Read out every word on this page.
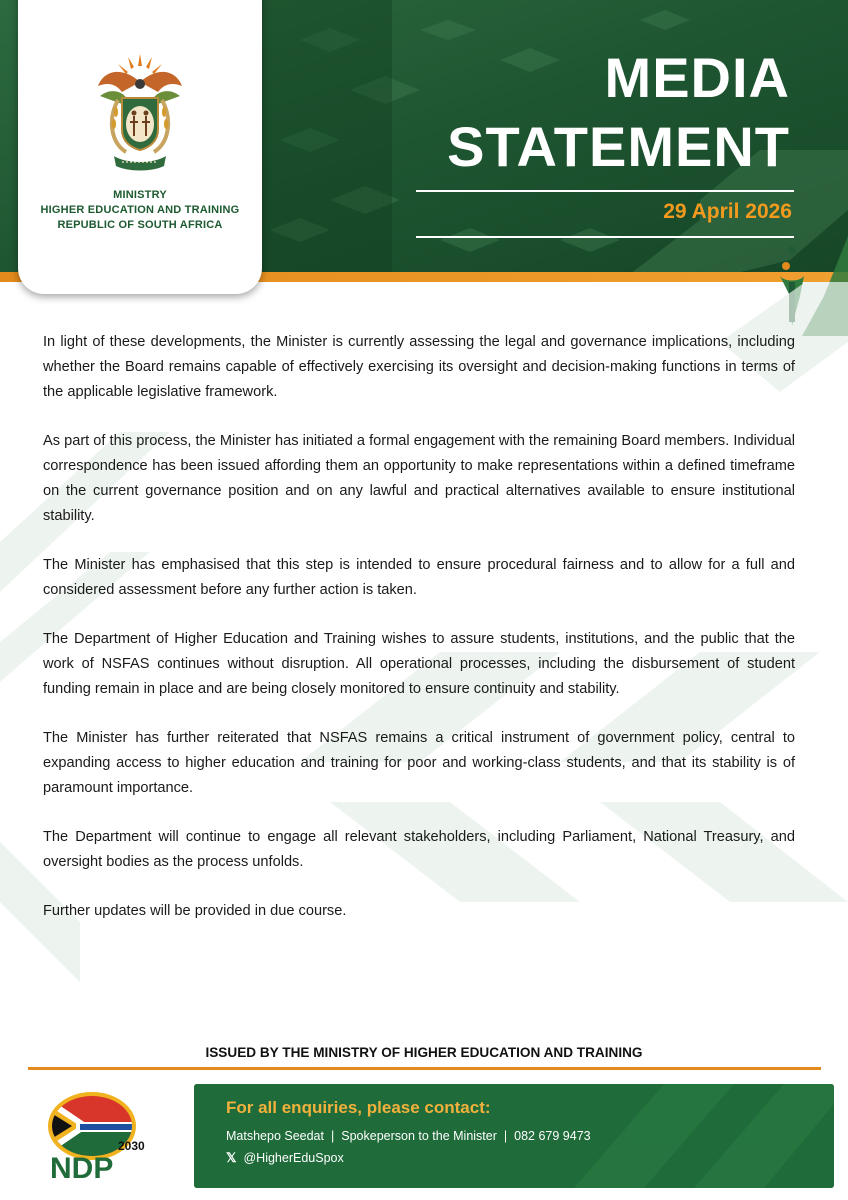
MEDIA
STATEMENT
29 April 2026
MINISTRY
HIGHER EDUCATION AND TRAINING
REPUBLIC OF SOUTH AFRICA

In light of these developments, the Minister is currently assessing the legal and governance implications, including whether the Board remains capable of effectively exercising its oversight and decision-making functions in terms of the applicable legislative framework.

As part of this process, the Minister has initiated a formal engagement with the remaining Board members. Individual correspondence has been issued affording them an opportunity to make representations within a defined timeframe on the current governance position and on any lawful and practical alternatives available to ensure institutional stability.

The Minister has emphasised that this step is intended to ensure procedural fairness and to allow for a full and considered assessment before any further action is taken.

The Department of Higher Education and Training wishes to assure students, institutions, and the public that the work of NSFAS continues without disruption. All operational processes, including the disbursement of student funding remain in place and are being closely monitored to ensure continuity and stability.

The Minister has further reiterated that NSFAS remains a critical instrument of government policy, central to expanding access to higher education and training for poor and working-class students, and that its stability is of paramount importance.

The Department will continue to engage all relevant stakeholders, including Parliament, National Treasury, and oversight bodies as the process unfolds.

Further updates will be provided in due course.

ISSUED BY THE MINISTRY OF HIGHER EDUCATION AND TRAINING
2030
NDP
For all enquiries, please contact:
Matshepo Seedat | Spokeperson to the Minister | 082 679 9473
𝕏 @HigherEduSpox
